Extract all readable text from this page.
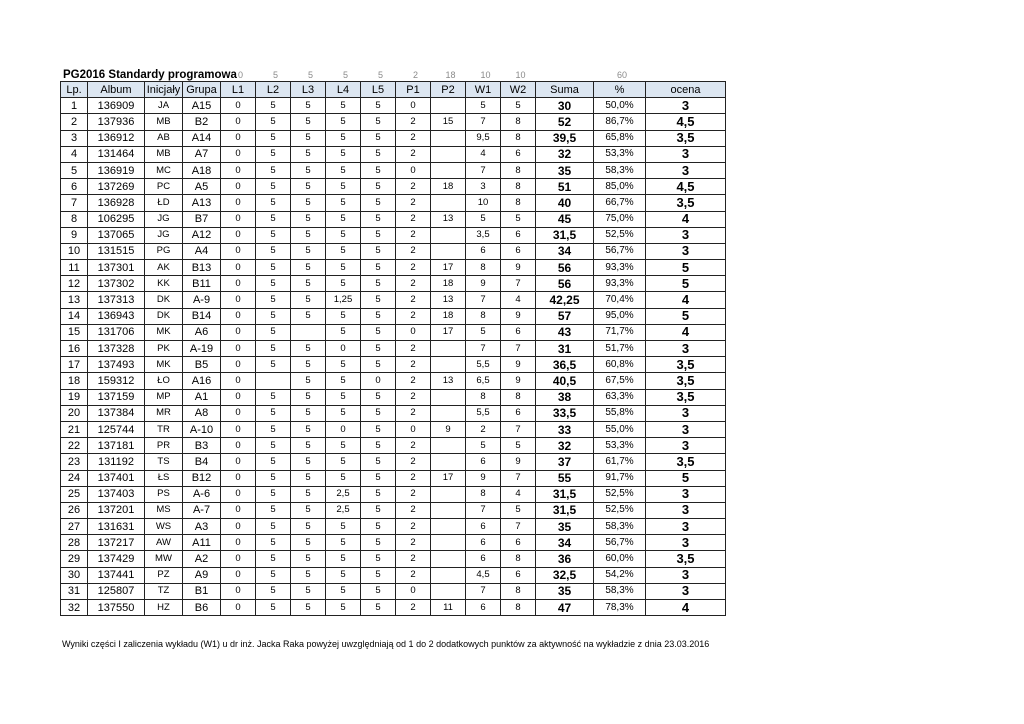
PG2016 Standardy programowa 0	5	5	5	5	2	18	10	10	60
Lp.	Album	Inicjały	Grupa	L1	L2	L3	L4	L5	P1	P2	W1	W2	Suma	%	ocena
1	136909	JA	A15	0	5	5	5	5	0		5	5	30	50,0%	3
2	137936	MB	B2	0	5	5	5	5	2	15	7	8	52	86,7%	4,5
3	136912	AB	A14	0	5	5	5	5	2		9,5	8	39,5	65,8%	3,5
4	131464	MB	A7	0	5	5	5	5	2		4	6	32	53,3%	3
5	136919	MC	A18	0	5	5	5	5	0		7	8	35	58,3%	3
6	137269	PC	A5	0	5	5	5	5	2	18	3	8	51	85,0%	4,5
7	136928	ŁD	A13	0	5	5	5	5	2		10	8	40	66,7%	3,5
8	106295	JG	B7	0	5	5	5	5	2	13	5	5	45	75,0%	4
9	137065	JG	A12	0	5	5	5	5	2		3,5	6	31,5	52,5%	3
10	131515	PG	A4	0	5	5	5	5	2		6	6	34	56,7%	3
11	137301	AK	B13	0	5	5	5	5	2	17	8	9	56	93,3%	5
12	137302	KK	B11	0	5	5	5	5	2	18	9	7	56	93,3%	5
13	137313	DK	A-9	0	5	5	1,25	5	2	13	7	4	42,25	70,4%	4
14	136943	DK	B14	0	5	5	5	5	2	18	8	9	57	95,0%	5
15	131706	MK	A6	0	5		5	5	0	17	5	6	43	71,7%	4
16	137328	PK	A-19	0	5	5	0	5	2		7	7	31	51,7%	3
17	137493	MK	B5	0	5	5	5	5	2		5,5	9	36,5	60,8%	3,5
18	159312	ŁO	A16	0		5	5	0	2	13	6,5	9	40,5	67,5%	3,5
19	137159	MP	A1	0	5	5	5	5	2		8	8	38	63,3%	3,5
20	137384	MR	A8	0	5	5	5	5	2		5,5	6	33,5	55,8%	3
21	125744	TR	A-10	0	5	5	0	5	0	9	2	7	33	55,0%	3
22	137181	PR	B3	0	5	5	5	5	2		5	5	32	53,3%	3
23	131192	TS	B4	0	5	5	5	5	2		6	9	37	61,7%	3,5
24	137401	ŁS	B12	0	5	5	5	5	2	17	9	7	55	91,7%	5
25	137403	PS	A-6	0	5	5	2,5	5	2		8	4	31,5	52,5%	3
26	137201	MS	A-7	0	5	5	2,5	5	2		7	5	31,5	52,5%	3
27	131631	WS	A3	0	5	5	5	5	2		6	7	35	58,3%	3
28	137217	AW	A11	0	5	5	5	5	2		6	6	34	56,7%	3
29	137429	MW	A2	0	5	5	5	5	2		6	8	36	60,0%	3,5
30	137441	PZ	A9	0	5	5	5	5	2		4,5	6	32,5	54,2%	3
31	125807	TZ	B1	0	5	5	5	5	0		7	8	35	58,3%	3
32	137550	HZ	B6	0	5	5	5	5	2	11	6	8	47	78,3%	4
Wyniki części I zaliczenia wykładu (W1) u dr inż. Jacka Raka powyżej uwzględniają od 1 do 2 dodatkowych punktów za aktywność na wykładzie z dnia 23.03.2016
